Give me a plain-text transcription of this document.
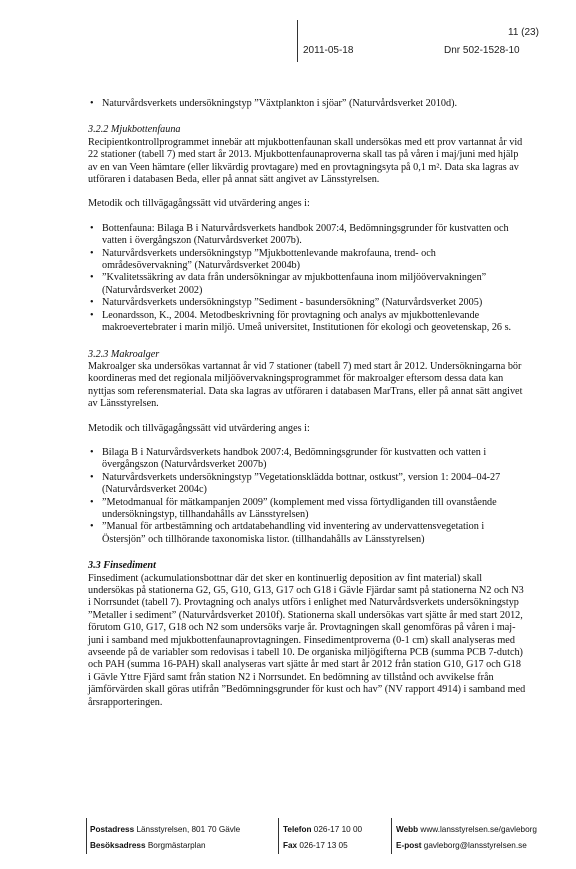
11 (23)
2011-05-18	Dnr 502-1528-10
• Naturvårdsverkets undersökningstyp ”Växtplankton i sjöar” (Naturvårdsverket 2010d).

3.2.2 Mjukbottenfauna

Recipientkontrollprogrammet innebär att mjukbottenfaunan skall undersökas med ett prov vartannat år vid 22 stationer (tabell 7) med start år 2013. Mjukbottenfaunaproverna skall tas på våren i maj/juni med hjälp av en van Veen hämtare (eller likvärdig provtagare) med en provtagningsyta på 0,1 m². Data ska lagras av utföraren i databasen Beda, eller på annat sätt angivet av Länsstyrelsen.

Metodik och tillvägagångssätt vid utvärdering anges i:

• Bottenfauna: Bilaga B i Naturvårdsverkets handbok 2007:4, Bedömningsgrunder för kustvatten och vatten i övergångszon (Naturvårdsverket 2007b).
• Naturvårdsverkets undersökningstyp ”Mjukbottenlevande makrofauna, trend- och områdesövervakning” (Naturvårdsverket 2004b)
• ”Kvalitetssäkring av data från undersökningar av mjukbottenfauna inom miljöövervakningen” (Naturvårdsverket 2002)
• Naturvårdsverkets undersökningstyp ”Sediment - basundersökning” (Naturvårdsverket 2005)
• Leonardsson, K., 2004. Metodbeskrivning för provtagning och analys av mjukbottenlevande makroevertebrater i marin miljö. Umeå universitet, Institutionen för ekologi och geovetenskap, 26 s.

3.2.3 Makroalger

Makroalger ska undersökas vartannat år vid 7 stationer (tabell 7) med start år 2012. Undersökningarna bör koordineras med det regionala miljöövervakningsprogrammet för makroalger eftersom dessa data kan nyttjas som referensmaterial. Data ska lagras av utföraren i databasen MarTrans, eller på annat sätt angivet av Länsstyrelsen.

Metodik och tillvägagångssätt vid utvärdering anges i:

• Bilaga B i Naturvårdsverkets handbok 2007:4, Bedömningsgrunder för kustvatten och vatten i övergångszon (Naturvårdsverket 2007b)
• Naturvårdsverkets undersökningstyp ”Vegetationsklädda bottnar, ostkust”, version 1: 2004–04-27 (Naturvårdsverket 2004c)
• ”Metodmanual för mätkampanjen 2009” (komplement med vissa förtydliganden till ovanstående undersökningstyp, tillhandahålls av Länsstyrelsen)
• ”Manual för artbestämning och artdatabehandling vid inventering av undervattensvegetation i Östersjön” och tillhörande taxonomiska listor. (tillhandahålls av Länsstyrelsen)

3.3 Finsediment

Finsediment (ackumulationsbottnar där det sker en kontinuerlig deposition av fint material) skall undersökas på stationerna G2, G5, G10, G13, G17 och G18 i Gävle Fjärdar samt på stationerna N2 och N3 i Norrsundet (tabell 7). Provtagning och analys utförs i enlighet med Naturvårdsverkets undersökningstyp ”Metaller i sediment” (Naturvårdsverket 2010f). Stationerna skall undersökas vart sjätte år med start 2012, förutom G10, G17, G18 och N2 som undersöks varje år. Provtagningen skall genomföras på våren i maj-juni i samband med mjukbottenfaunaprovtagningen. Finsedimentproverna (0-1 cm) skall analyseras med avseende på de variabler som redovisas i tabell 10. De organiska miljögifterna PCB (summa PCB 7-dutch) och PAH (summa 16-PAH) skall analyseras vart sjätte år med start år 2012 från station G10, G17 och G18 i Gävle Yttre Fjärd samt från station N2 i Norrsundet. En bedömning av tillstånd och avvikelse från jämförvärden skall göras utifrån ”Bedömningsgrunder för kust och hav” (NV rapport 4914) i samband med årsrapporteringen.

Postadress Länsstyrelsen, 801 70 Gävle
Besöksadress Borgmästarplan
Telefon 026-17 10 00
Fax 026-17 13 05
Webb www.lansstyrelsen.se/gavleborg
E-post gavleborg@lansstyrelsen.se
